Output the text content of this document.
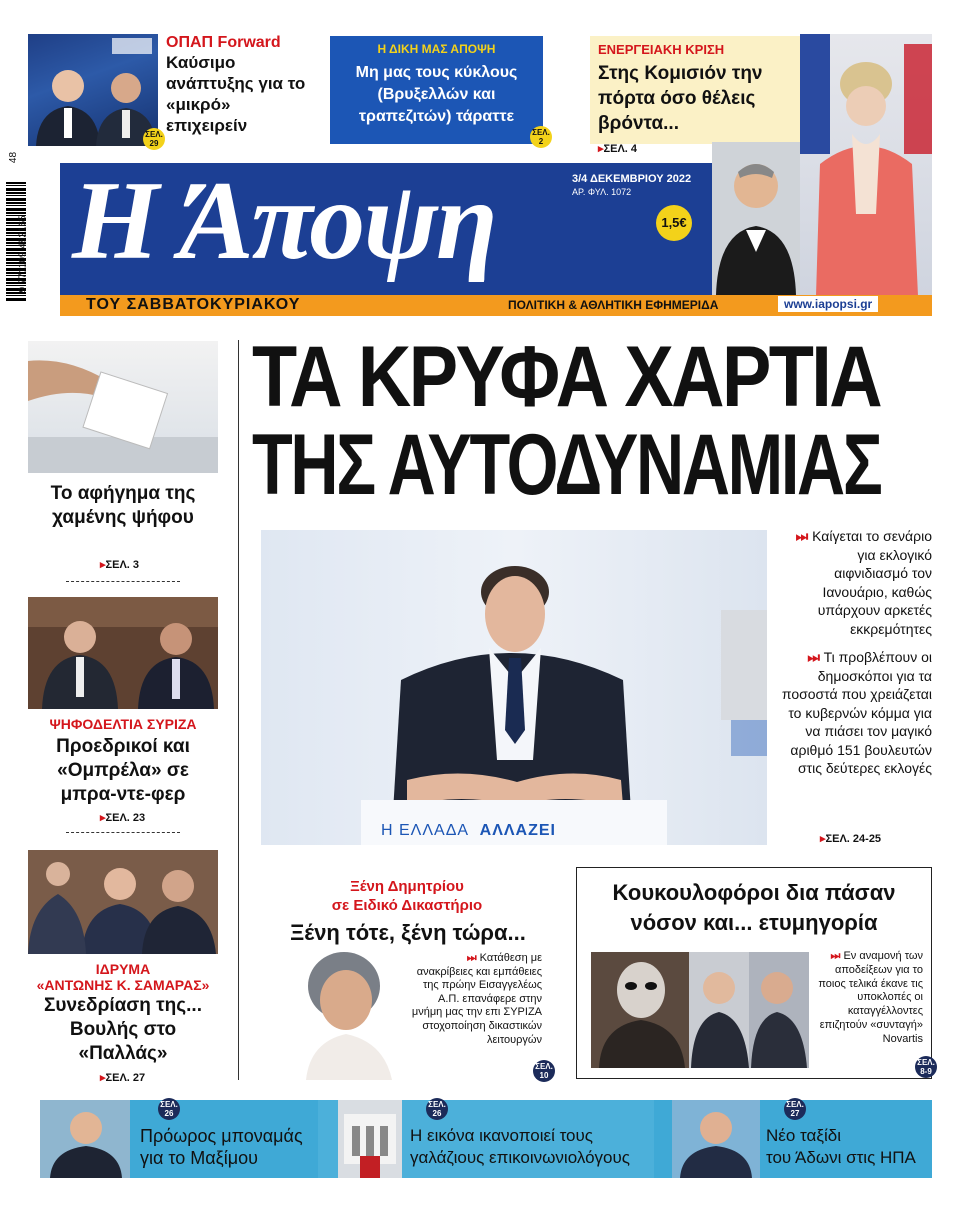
ΣΕΛ.
29
ΟΠΑΠ Forward
Καύσιμο ανάπτυξης για το «μικρό» επιχειρείν
Η ΔΙΚΗ ΜΑΣ ΑΠΟΨΗ
Μη μας τους κύκλους (Βρυξελλών και τραπεζιτών) τάραττε
ΣΕΛ.
2
ΕΝΕΡΓΕΙΑΚΗ ΚΡΙΣΗ
Στης Κομισιόν την πόρτα όσο θέλεις βρόντα...
▸ ΣΕΛ. 4
48
9 771109 482165 Η Άποψη	3/4 ΔΕΚΕΜΒΡΙΟΥ 2022
ΑΡ. ΦΥΛ. 1072
1,5€
ΤΟΥ ΣΑΒΒΑΤΟΚΥΡΙΑΚΟΥ	ΠΟΛΙΤΙΚΗ & ΑΘΛΗΤΙΚΗ ΕΦΗΜΕΡΙΔΑ	www.iapopsi.gr
Το αφήγημα της χαμένης ψήφου
▸ ΣΕΛ. 3
ΨΗΦΟΔΕΛΤΙΑ ΣΥΡΙΖΑ
Προεδρικοί και «Ομπρέλα» σε μπρα-ντε-φερ
▸ ΣΕΛ. 23
ΙΔΡΥΜΑ
«ΑΝΤΩΝΗΣ Κ. ΣΑΜΑΡΑΣ»
Συνεδρίαση της... Βουλής στο «Παλλάς»
▸ ΣΕΛ. 27
ΤΑ ΚΡΥΦΑ ΧΑΡΤΙΑ
ΤΗΣ ΑΥΤΟΔΥΝΑΜΙΑΣ
Η ΕΛΛΑΔΑ ΑΛΛΑΖΕΙ
⏭ Καίγεται το σενάριο για εκλογικό αιφνιδιασμό τον Ιανουάριο, καθώς υπάρχουν αρκετές εκκρεμότητες
⏭ Τι προβλέπουν οι δημοσκόποι για τα ποσοστά που χρειάζεται το κυβερνών κόμμα για να πιάσει τον μαγικό αριθμό 151 βουλευτών στις δεύτερες εκλογές
▸ ΣΕΛ. 24-25
Ξένη Δημητρίου
σε Ειδικό Δικαστήριο
Ξένη τότε, ξένη τώρα...
⏭ Κατάθεση με ανακρίβειες και εμπάθειες της πρώην Εισαγγελέως Α.Π. επανάφερε στην μνήμη μας την επι ΣΥΡΙΖΑ στοχοποίηση δικαστικών λειτουργών
ΣΕΛ.
10
Κουκουλοφόροι δια πάσαν
νόσον και... ετυμηγορία
⏭ Εν αναμονή των αποδείξεων για το ποιος τελικά έκανε τις υποκλοπές οι καταγγέλλοντες επιζητούν «συνταγή» Novartis
ΣΕΛ.
8-9
ΣΕΛ.
26
Πρόωρος μποναμάς
για το Μαξίμου
ΣΕΛ.
26
Η εικόνα ικανοποιεί τους
γαλάζιους επικοινωνιολόγους
ΣΕΛ.
27
Νέο ταξίδι
του Άδωνι στις ΗΠΑ
